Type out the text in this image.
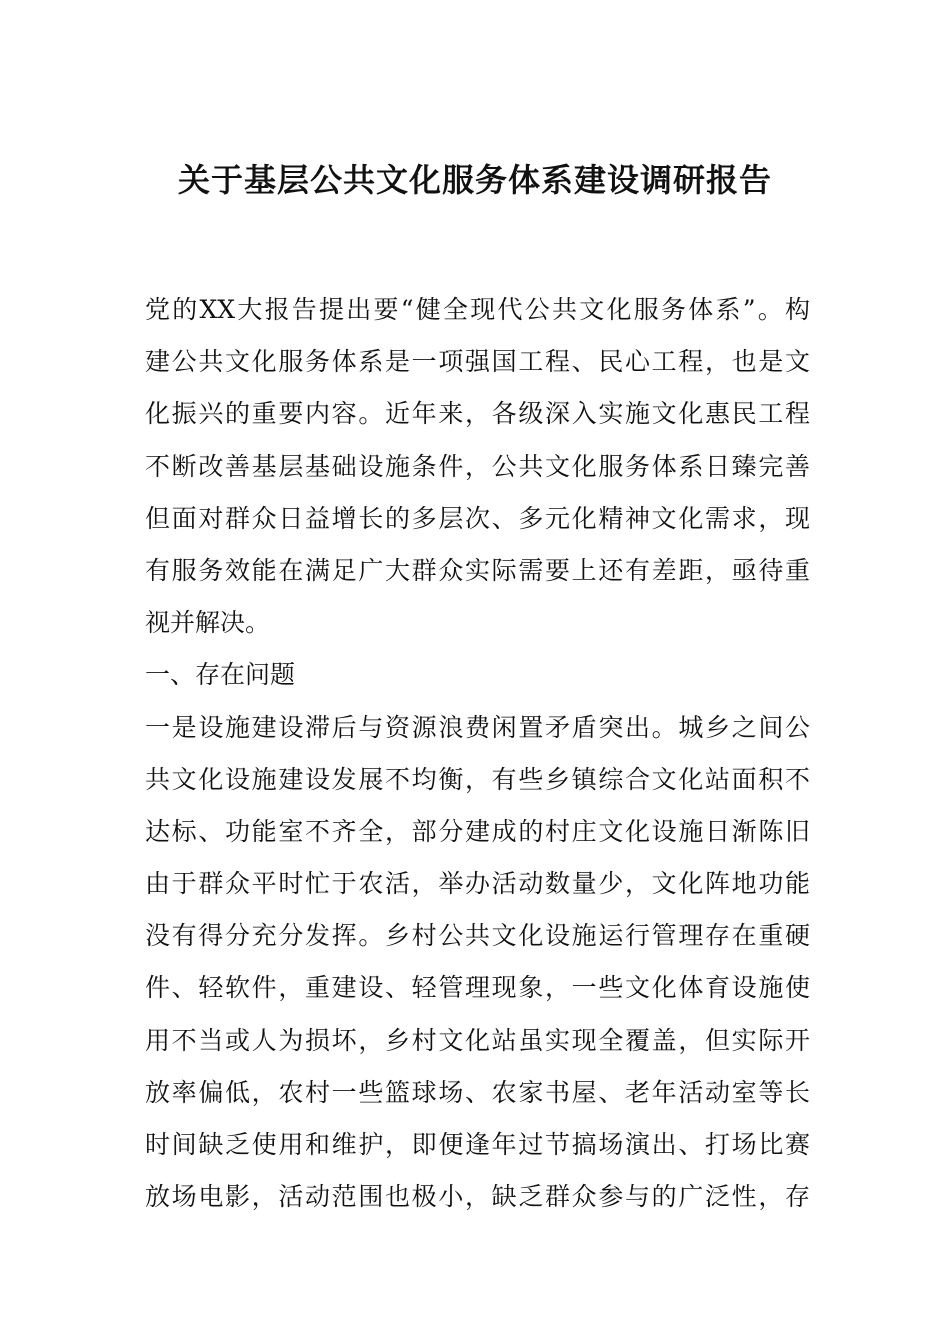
关于基层公共文化服务体系建设调研报告
党的XX大报告提出要“健全现代公共文化服务体系”。构
建公共文化服务体系是一项强国工程、民心工程，也是文
化振兴的重要内容。近年来，各级深入实施文化惠民工程
不断改善基层基础设施条件，公共文化服务体系日臻完善
但面对群众日益增长的多层次、多元化精神文化需求，现
有服务效能在满足广大群众实际需要上还有差距，亟待重
视并解决。
一、存在问题
一是设施建设滞后与资源浪费闲置矛盾突出。城乡之间公
共文化设施建设发展不均衡，有些乡镇综合文化站面积不
达标、功能室不齐全，部分建成的村庄文化设施日渐陈旧
由于群众平时忙于农活，举办活动数量少，文化阵地功能
没有得分充分发挥。乡村公共文化设施运行管理存在重硬
件、轻软件，重建设、轻管理现象，一些文化体育设施使
用不当或人为损坏，乡村文化站虽实现全覆盖，但实际开
放率偏低，农村一些篮球场、农家书屋、老年活动室等长
时间缺乏使用和维护，即便逢年过节搞场演出、打场比赛
放场电影，活动范围也极小，缺乏群众参与的广泛性，存
